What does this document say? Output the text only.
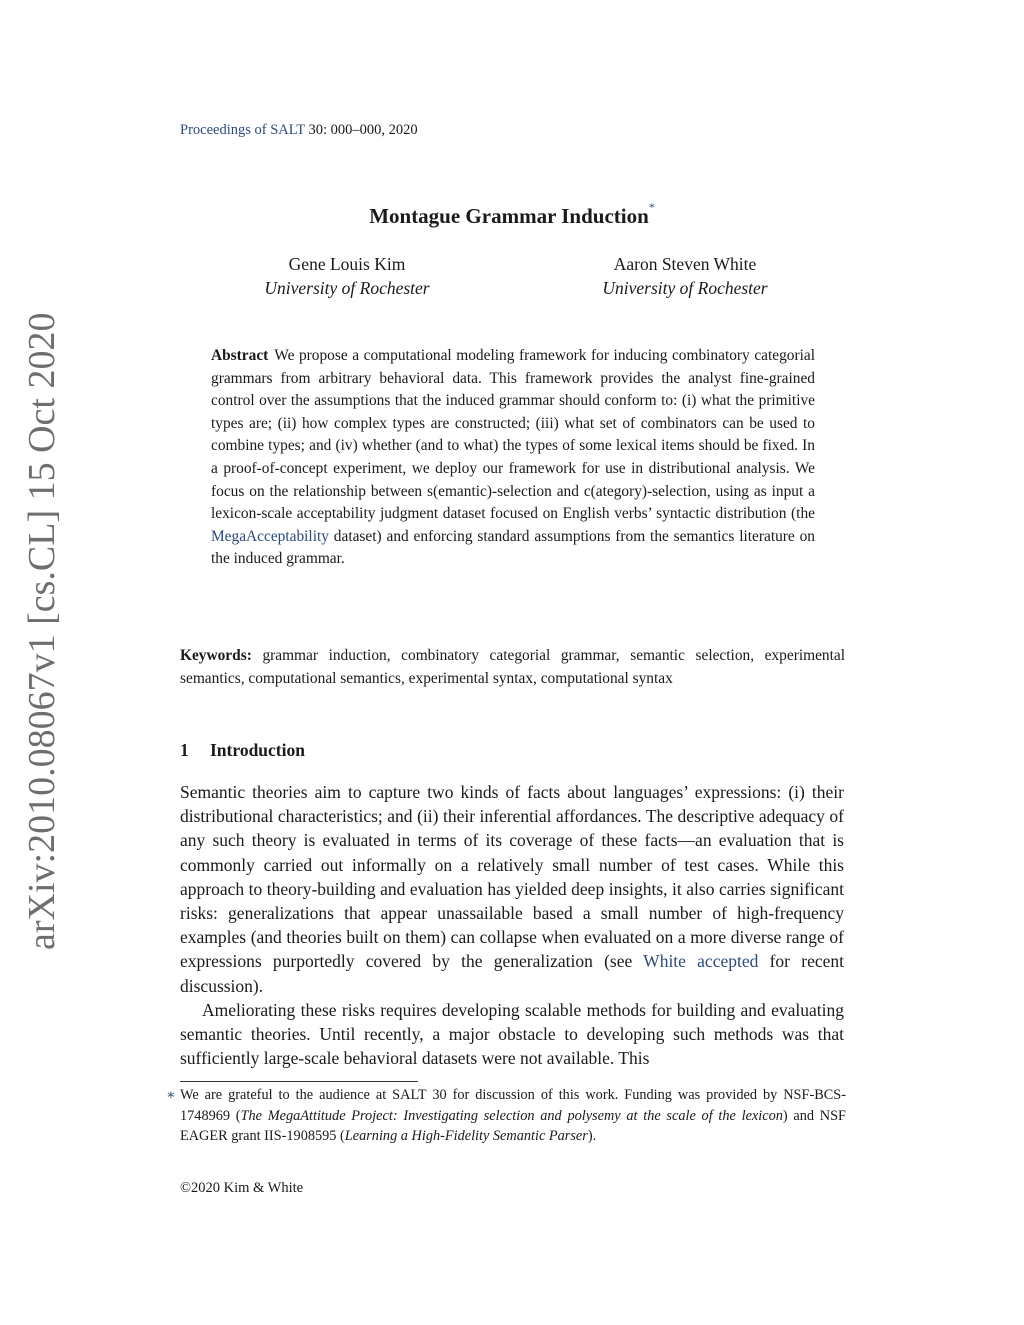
Proceedings of SALT 30: 000–000, 2020
Montague Grammar Induction*
Gene Louis Kim
University of Rochester
Aaron Steven White
University of Rochester
Abstract We propose a computational modeling framework for inducing combinatory categorial grammars from arbitrary behavioral data. This framework provides the analyst fine-grained control over the assumptions that the induced grammar should conform to: (i) what the primitive types are; (ii) how complex types are constructed; (iii) what set of combinators can be used to combine types; and (iv) whether (and to what) the types of some lexical items should be fixed. In a proof-of-concept experiment, we deploy our framework for use in distributional analysis. We focus on the relationship between s(emantic)-selection and c(ategory)-selection, using as input a lexicon-scale acceptability judgment dataset focused on English verbs’ syntactic distribution (the MegaAcceptability dataset) and enforcing standard assumptions from the semantics literature on the induced grammar.
Keywords: grammar induction, combinatory categorial grammar, semantic selection, experimental semantics, computational semantics, experimental syntax, computational syntax
1 Introduction

Semantic theories aim to capture two kinds of facts about languages’ expressions: (i) their distributional characteristics; and (ii) their inferential affordances. The descriptive adequacy of any such theory is evaluated in terms of its coverage of these facts—an evaluation that is commonly carried out informally on a relatively small number of test cases. While this approach to theory-building and evaluation has yielded deep insights, it also carries significant risks: generalizations that appear unassailable based a small number of high-frequency examples (and theories built on them) can collapse when evaluated on a more diverse range of expressions purportedly covered by the generalization (see White accepted for recent discussion).

Ameliorating these risks requires developing scalable methods for building and evaluating semantic theories. Until recently, a major obstacle to developing such methods was that sufficiently large-scale behavioral datasets were not available. This

∗ We are grateful to the audience at SALT 30 for discussion of this work. Funding was provided by NSF-BCS-1748969 (The MegaAttitude Project: Investigating selection and polysemy at the scale of the lexicon) and NSF EAGER grant IIS-1908595 (Learning a High-Fidelity Semantic Parser).
©2020 Kim & White
arXiv:2010.08067v1 [cs.CL] 15 Oct 2020
